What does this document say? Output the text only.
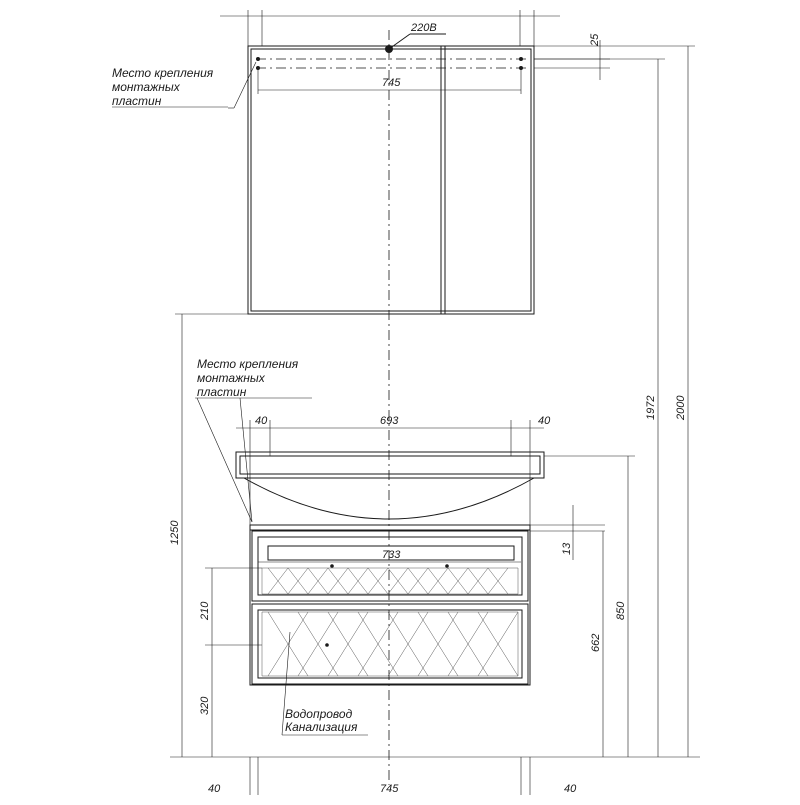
220В
745
25
Место крепления
монтажных
пластин
733
40	693	40
Место крепления
монтажных
пластин
Водопровод
Канализация
1250
210
320
13
850
662
1972 2000
40	745	40
